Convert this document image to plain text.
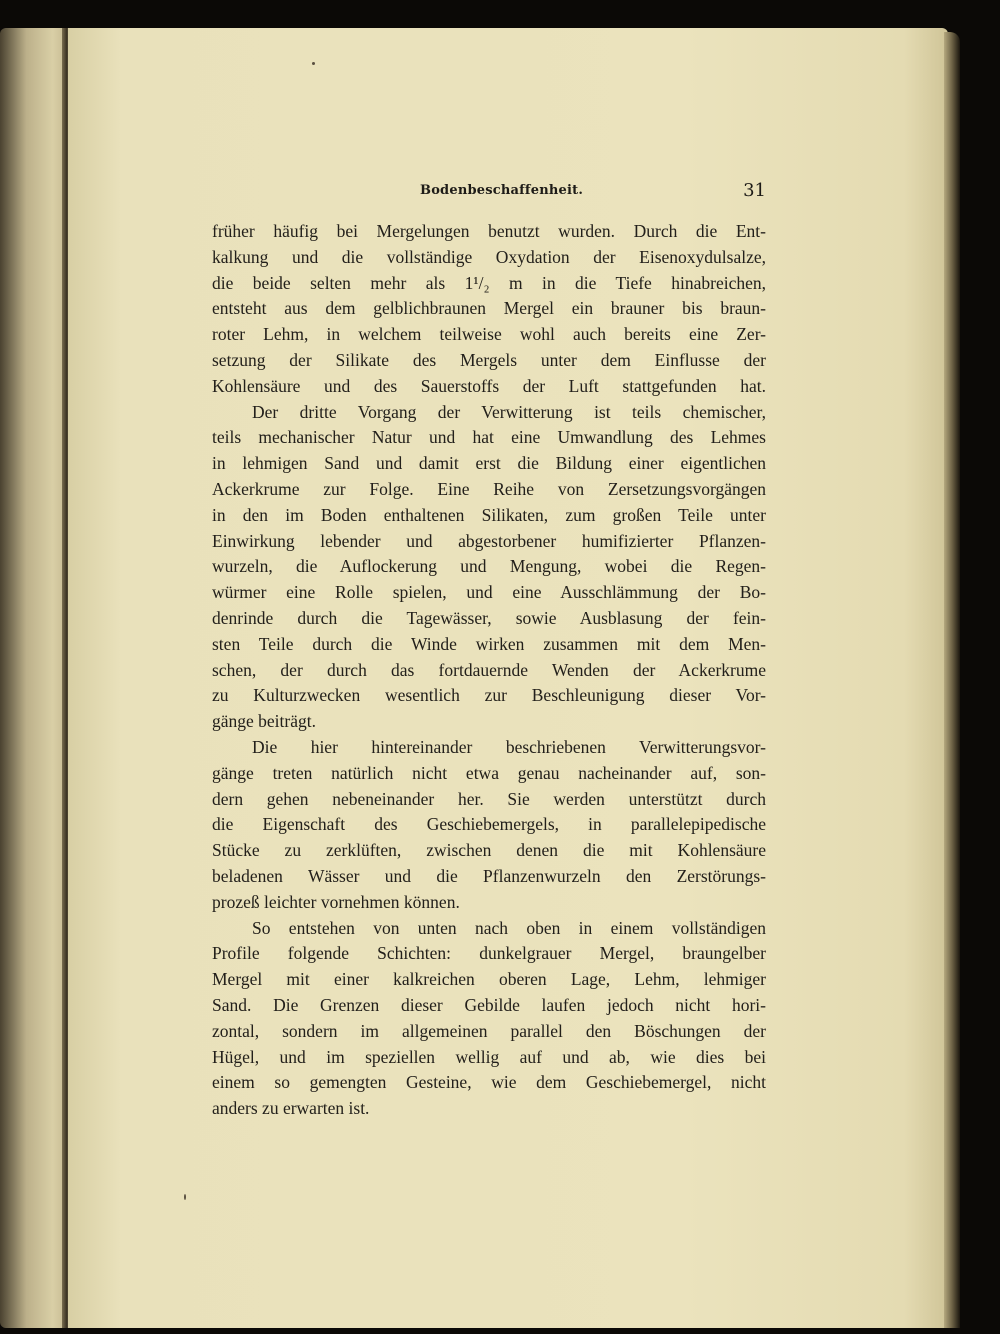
Bodenbeschaffenheit.	31
früher häufig bei Mergelungen benutzt wurden. Durch die Ent-
kalkung und die vollständige Oxydation der Eisenoxydulsalze,
die beide selten mehr als 1¹/₂ m in die Tiefe hinabreichen,
entsteht aus dem gelblichbraunen Mergel ein brauner bis braun-
roter Lehm, in welchem teilweise wohl auch bereits eine Zer-
setzung der Silikate des Mergels unter dem Einflusse der
Kohlensäure und des Sauerstoffs der Luft stattgefunden hat.
Der dritte Vorgang der Verwitterung ist teils chemischer,
teils mechanischer Natur und hat eine Umwandlung des Lehmes
in lehmigen Sand und damit erst die Bildung einer eigentlichen
Ackerkrume zur Folge. Eine Reihe von Zersetzungsvorgängen
in den im Boden enthaltenen Silikaten, zum großen Teile unter
Einwirkung lebender und abgestorbener humifizierter Pflanzen-
wurzeln, die Auflockerung und Mengung, wobei die Regen-
würmer eine Rolle spielen, und eine Ausschlämmung der Bo-
denrinde durch die Tagewässer, sowie Ausblasung der fein-
sten Teile durch die Winde wirken zusammen mit dem Men-
schen, der durch das fortdauernde Wenden der Ackerkrume
zu Kulturzwecken wesentlich zur Beschleunigung dieser Vor-
gänge beiträgt.
Die hier hintereinander beschriebenen Verwitterungsvor-
gänge treten natürlich nicht etwa genau nacheinander auf, son-
dern gehen nebeneinander her. Sie werden unterstützt durch
die Eigenschaft des Geschiebemergels, in parallelepipedische
Stücke zu zerklüften, zwischen denen die mit Kohlensäure
beladenen Wässer und die Pflanzenwurzeln den Zerstörungs-
prozeß leichter vornehmen können.
So entstehen von unten nach oben in einem vollständigen
Profile folgende Schichten: dunkelgrauer Mergel, braungelber
Mergel mit einer kalkreichen oberen Lage, Lehm, lehmiger
Sand. Die Grenzen dieser Gebilde laufen jedoch nicht hori-
zontal, sondern im allgemeinen parallel den Böschungen der
Hügel, und im speziellen wellig auf und ab, wie dies bei
einem so gemengten Gesteine, wie dem Geschiebemergel, nicht
anders zu erwarten ist.
